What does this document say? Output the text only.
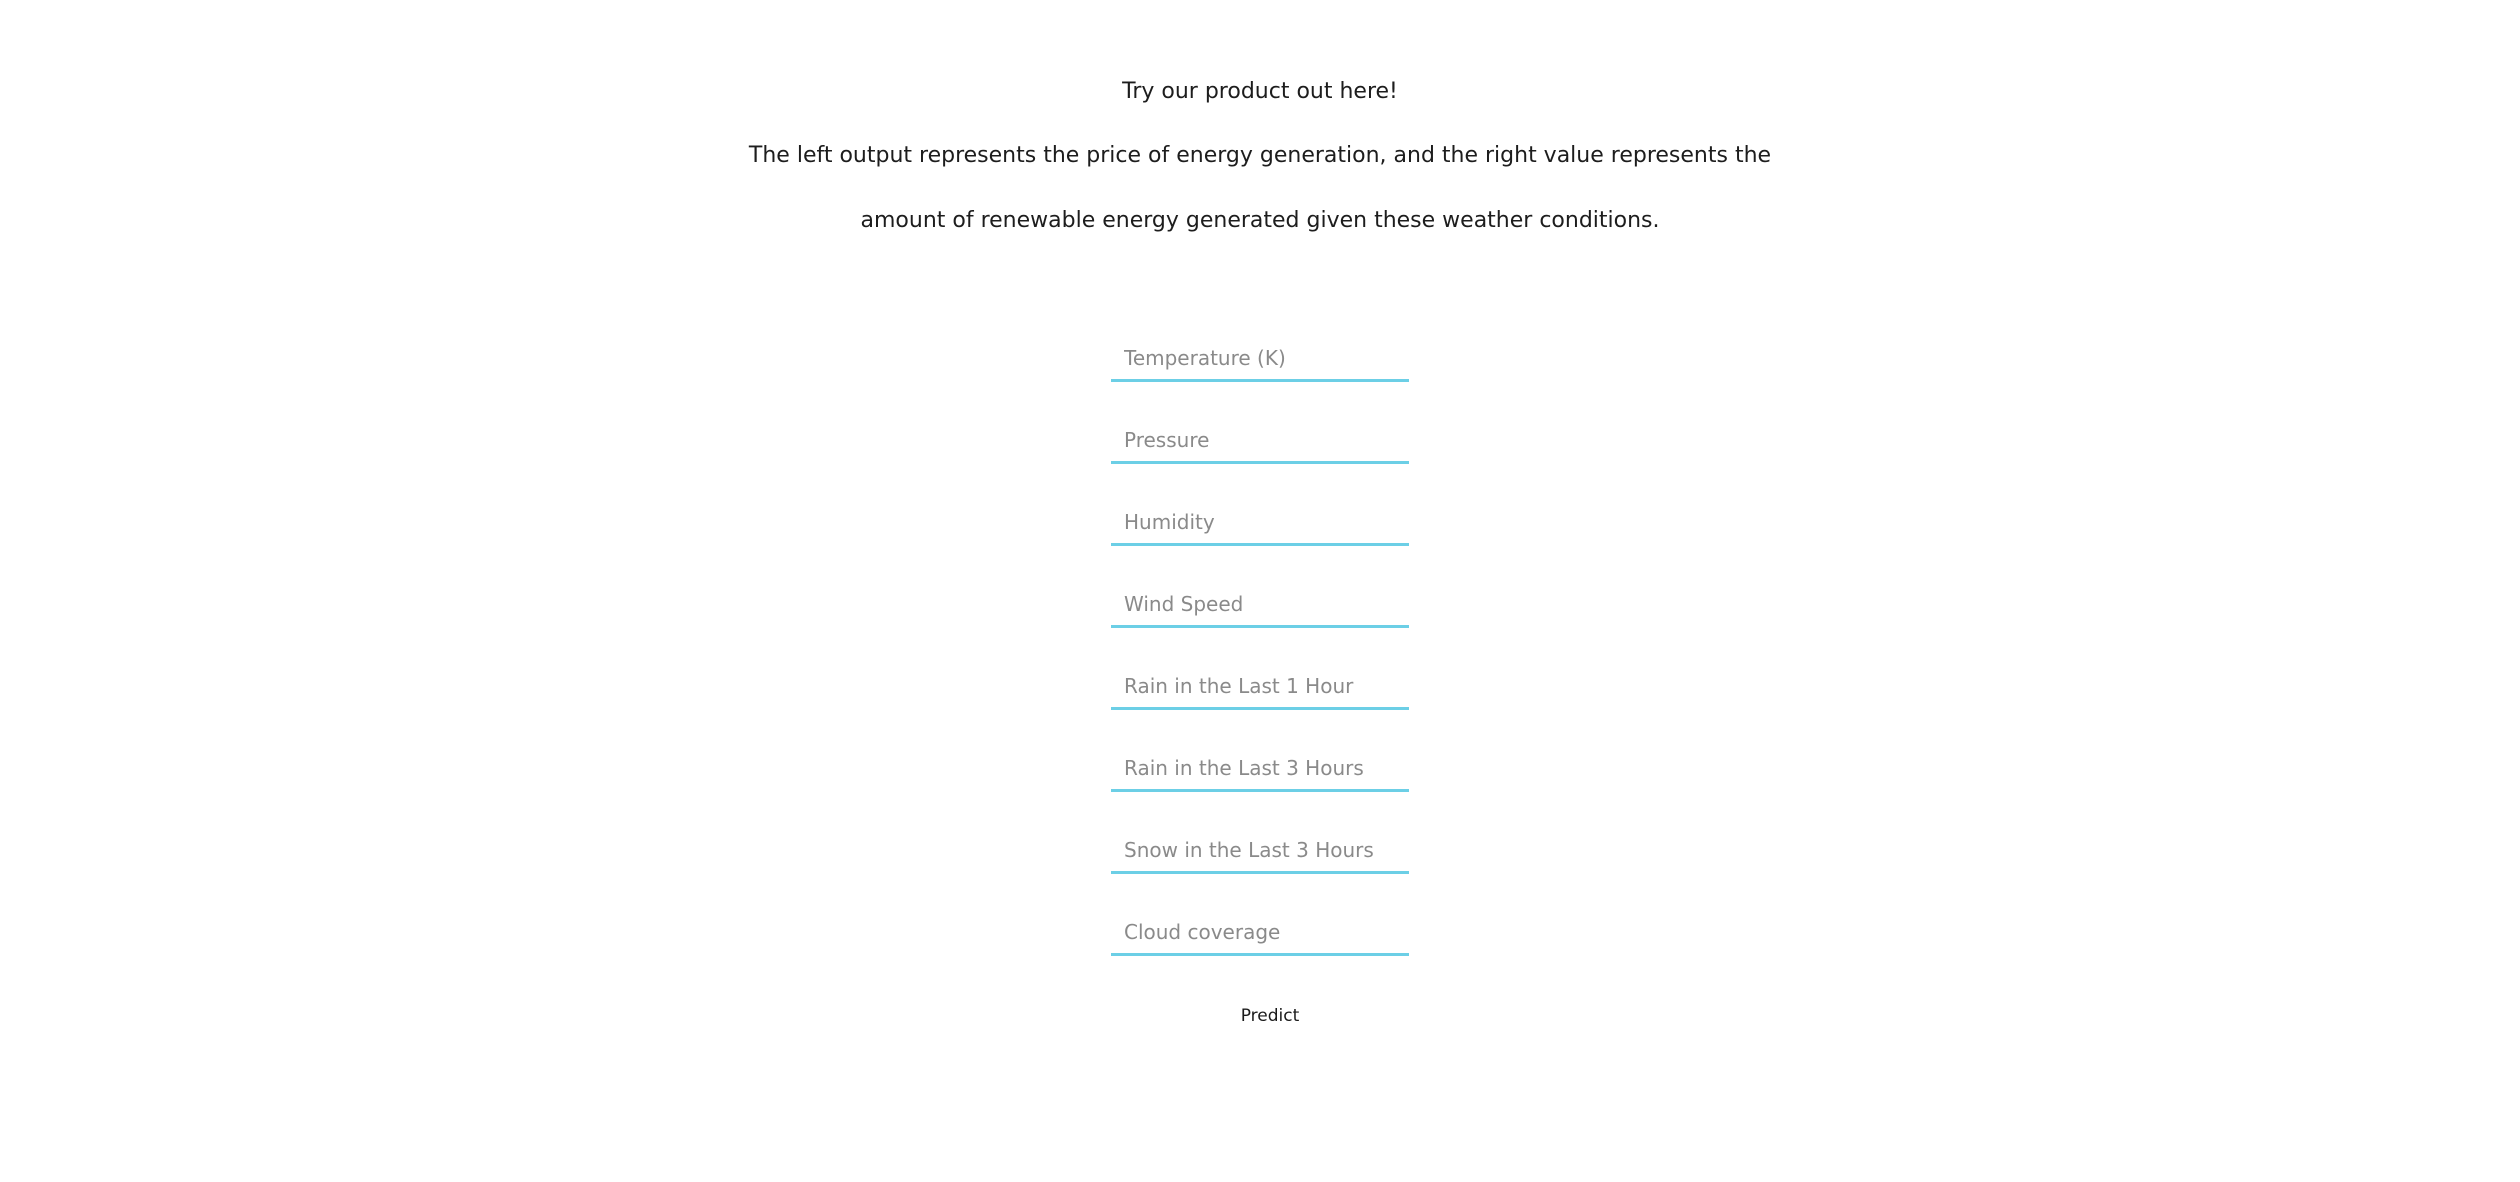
Try our product out here!

The left output represents the price of energy generation, and the right value represents the

amount of renewable energy generated given these weather conditions.

Temperature (K)
Pressure
Humidity
Wind Speed
Rain in the Last 1 Hour
Rain in the Last 3 Hours
Snow in the Last 3 Hours
Cloud coverage
Predict
